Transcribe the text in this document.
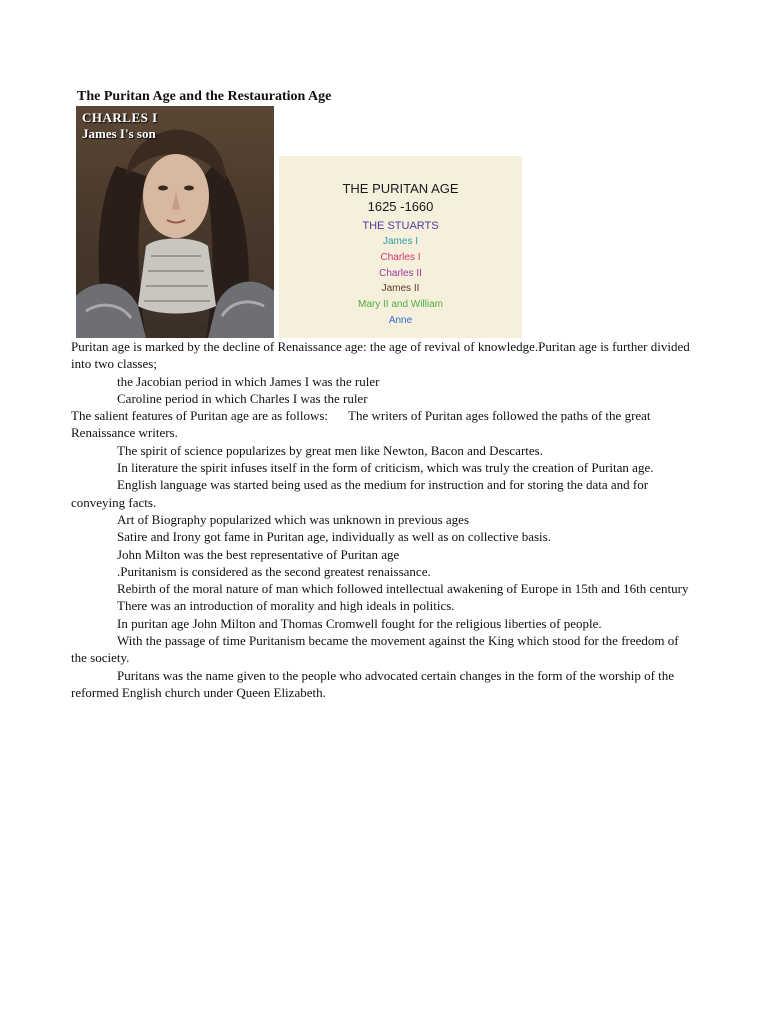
The Puritan Age and the Restauration Age
CHARLES I
James I's son
THE PURITAN AGE
1625 -1660
THE STUARTS
James I
Charles I
Charles II
James II
Mary II and William
Anne

Puritan age is marked by the decline of Renaissance age: the age of revival of knowledge.Puritan age is further divided into two classes;

the Jacobian period in which James I was the ruler

Caroline period in which Charles I was the ruler

The salient features of Puritan age are as follows: The writers of Puritan ages followed the paths of the great Renaissance writers.

The spirit of science popularizes by great men like Newton, Bacon and Descartes.

In literature the spirit infuses itself in the form of criticism, which was truly the creation of Puritan age.

English language was started being used as the medium for instruction and for storing the data and for conveying facts.

Art of Biography popularized which was unknown in previous ages

Satire and Irony got fame in Puritan age, individually as well as on collective basis.

John Milton was the best representative of Puritan age

.Puritanism is considered as the second greatest renaissance.

Rebirth of the moral nature of man which followed intellectual awakening of Europe in 15th and 16th century

There was an introduction of morality and high ideals in politics.

In puritan age John Milton and Thomas Cromwell fought for the religious liberties of people.

With the passage of time Puritanism became the movement against the King which stood for the freedom of the society.

Puritans was the name given to the people who advocated certain changes in the form of the worship of the reformed English church under Queen Elizabeth.
